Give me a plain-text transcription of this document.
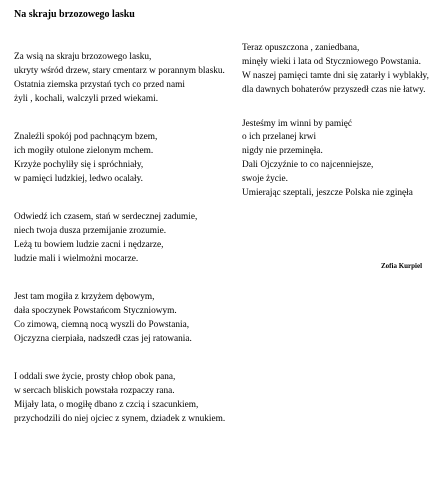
Na skraju brzozowego lasku
Za wsią na skraju brzozowego lasku,
ukryty wśród drzew, stary cmentarz w porannym blasku.
Ostatnia ziemska przystań tych co przed nami
żyli , kochali, walczyli przed wiekami.
Znaleźli spokój pod pachnącym bzem,
ich mogiły otulone zielonym mchem.
Krzyże pochyliły się i spróchniały,
w pamięci ludzkiej, ledwo ocalały.
Odwiedź ich czasem, stań w serdecznej zadumie,
niech twoja dusza przemijanie zrozumie.
Leżą tu bowiem ludzie zacni i nędzarze,
ludzie mali i wielmożni mocarze.
Jest tam mogiła z krzyżem dębowym,
dała spoczynek Powstańcom Styczniowym.
Co zimową, ciemną nocą wyszli do Powstania,
Ojczyzna cierpiała, nadszedł czas jej ratowania.
I oddali swe życie, prosty chłop obok pana,
w sercach bliskich powstała rozpaczy rana.
Mijały lata, o mogiłę dbano z czcią i szacunkiem,
przychodzili do niej ojciec z synem, dziadek z wnukiem.
Teraz opuszczona , zaniedbana,
minęły wieki i lata od Styczniowego Powstania.
W naszej pamięci tamte dni się zatarły i wyblakły,
dla dawnych bohaterów przyszedł czas nie łatwy.
Jesteśmy im winni by pamięć
o ich przelanej krwi
nigdy nie przeminęła.
Dali Ojczyźnie to co najcenniejsze,
swoje życie.
Umierając szeptali, jeszcze Polska nie zginęła
Zofia Kurpiel
